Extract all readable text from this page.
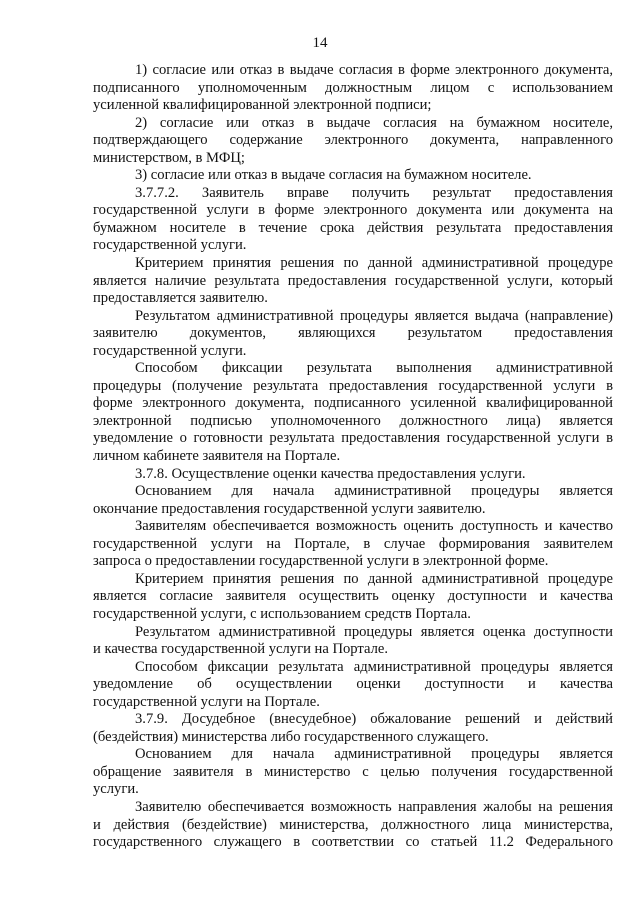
14
1) согласие или отказ в выдаче согласия в форме электронного документа,
подписанного уполномоченным должностным лицом с использованием
усиленной квалифицированной электронной подписи;
2) согласие или отказ в выдаче согласия на бумажном носителе,
подтверждающего содержание электронного документа, направленного
министерством, в МФЦ;
3) согласие или отказ в выдаче согласия на бумажном носителе.
3.7.7.2. Заявитель вправе получить результат предоставления
государственной услуги в форме электронного документа или документа на
бумажном носителе в течение срока действия результата предоставления
государственной услуги.
Критерием принятия решения по данной административной процедуре
является наличие результата предоставления государственной услуги, который
предоставляется заявителю.
Результатом административной процедуры является выдача (направление)
заявителю документов, являющихся результатом предоставления
государственной услуги.
Способом фиксации результата выполнения административной
процедуры (получение результата предоставления государственной услуги в
форме электронного документа, подписанного усиленной квалифицированной
электронной подписью уполномоченного должностного лица) является
уведомление о готовности результата предоставления государственной услуги в
личном кабинете заявителя на Портале.
3.7.8. Осуществление оценки качества предоставления услуги.
Основанием для начала административной процедуры является
окончание предоставления государственной услуги заявителю.
Заявителям обеспечивается возможность оценить доступность и качество
государственной услуги на Портале, в случае формирования заявителем
запроса о предоставлении государственной услуги в электронной форме.
Критерием принятия решения по данной административной процедуре
является согласие заявителя осуществить оценку доступности и качества
государственной услуги, с использованием средств Портала.
Результатом административной процедуры является оценка доступности
и качества государственной услуги на Портале.
Способом фиксации результата административной процедуры является
уведомление об осуществлении оценки доступности и качества
государственной услуги на Портале.
3.7.9. Досудебное (внесудебное) обжалование решений и действий
(бездействия) министерства либо государственного служащего.
Основанием для начала административной процедуры является
обращение заявителя в министерство с целью получения государственной
услуги.
Заявителю обеспечивается возможность направления жалобы на решения
и действия (бездействие) министерства, должностного лица министерства,
государственного служащего в соответствии со статьей 11.2 Федерального
